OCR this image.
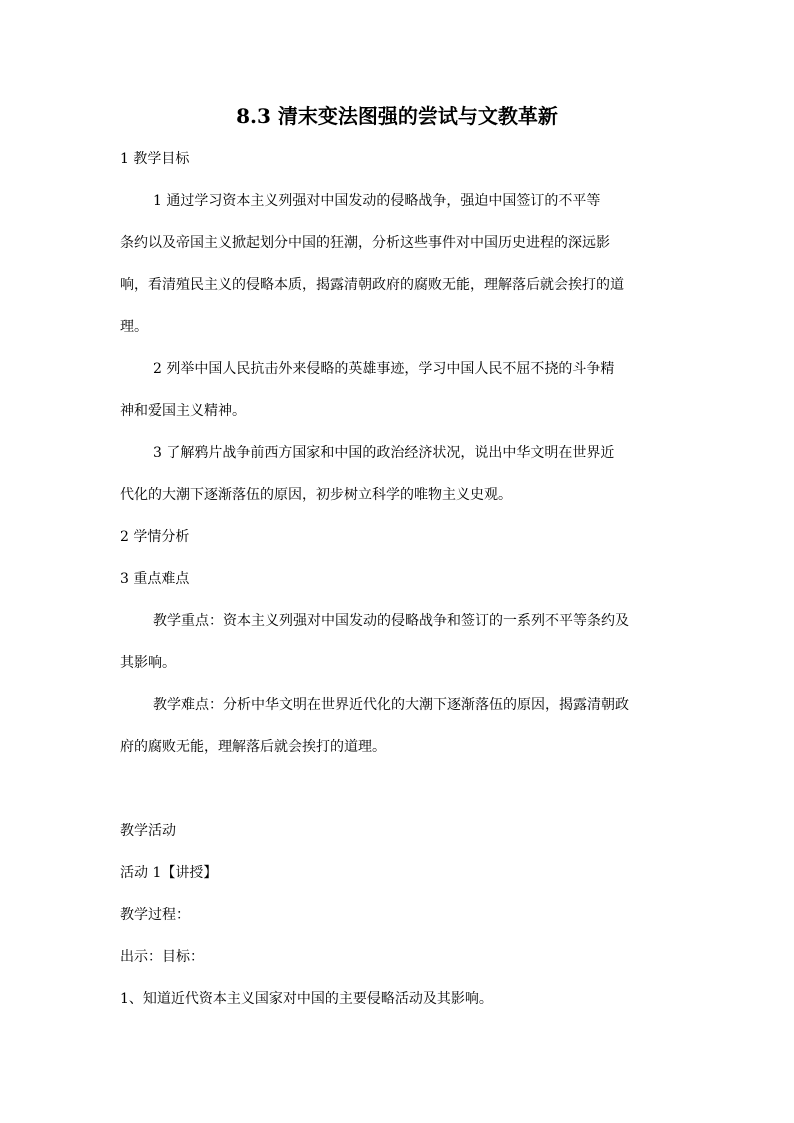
8.3 清末变法图强的尝试与文教革新
1 教学目标
1 通过学习资本主义列强对中国发动的侵略战争，强迫中国签订的不平等
条约以及帝国主义掀起划分中国的狂潮，分析这些事件对中国历史进程的深远影
响，看清殖民主义的侵略本质，揭露清朝政府的腐败无能，理解落后就会挨打的道
理。
2 列举中国人民抗击外来侵略的英雄事迹，学习中国人民不屈不挠的斗争精
神和爱国主义精神。
3 了解鸦片战争前西方国家和中国的政治经济状况，说出中华文明在世界近
代化的大潮下逐渐落伍的原因，初步树立科学的唯物主义史观。
2 学情分析
3 重点难点
教学重点：资本主义列强对中国发动的侵略战争和签订的一系列不平等条约及
其影响。
教学难点：分析中华文明在世界近代化的大潮下逐渐落伍的原因，揭露清朝政
府的腐败无能，理解落后就会挨打的道理。
教学活动
活动 1【讲授】
教学过程：
出示：目标：
1、知道近代资本主义国家对中国的主要侵略活动及其影响。
